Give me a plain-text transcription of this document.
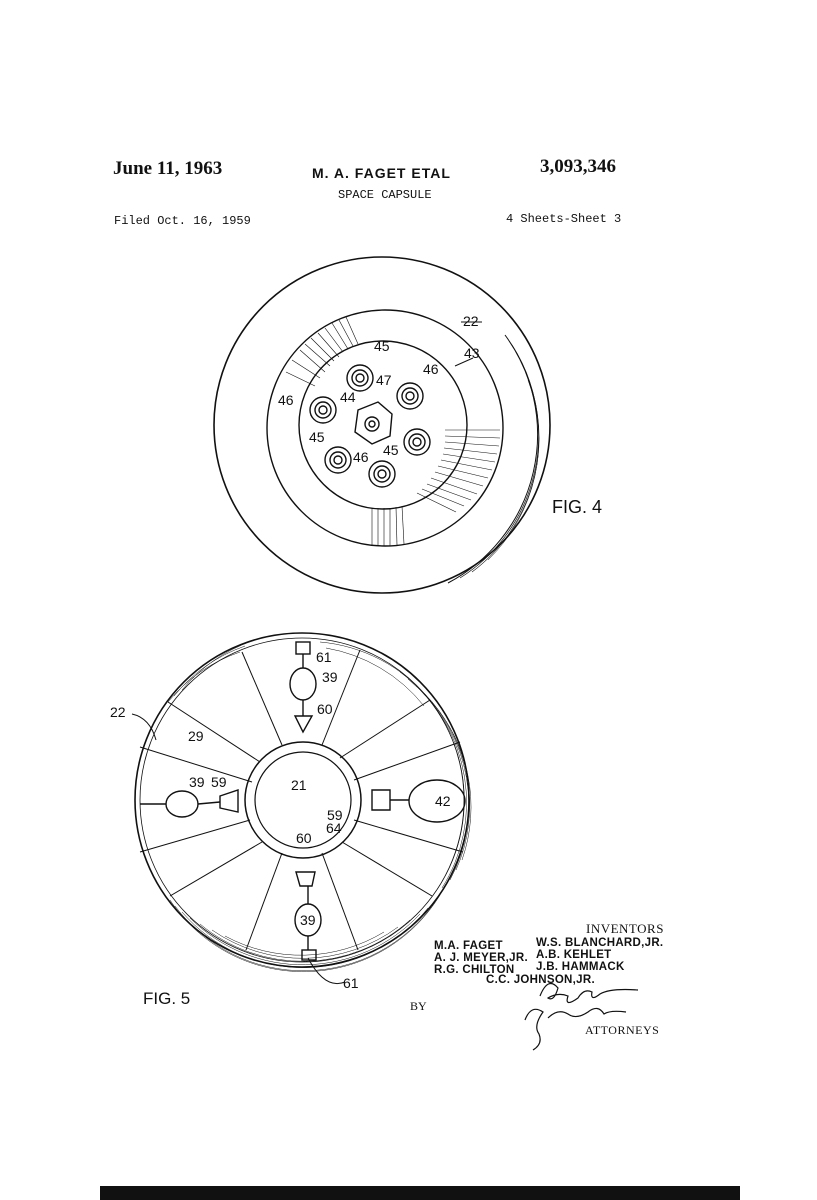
June 11, 1963	M. A. FAGET ETAL	3,093,346
SPACE CAPSULE
Filed Oct. 16, 1959	4 Sheets-Sheet 3
22
43
45
47
46
46	44
45
46 45
61
39
60
22
29
39 59	21
42
59
64
60
39
61
FIG. 4
FIG. 5
INVENTORS
M.A. FAGET
A. J. MEYER,JR.
R.G. CHILTON
W.S. BLANCHARD,JR.
A.B. KEHLET
J.B. HAMMACK
C.C. JOHNSON,JR.
BY
ATTORNEYS
